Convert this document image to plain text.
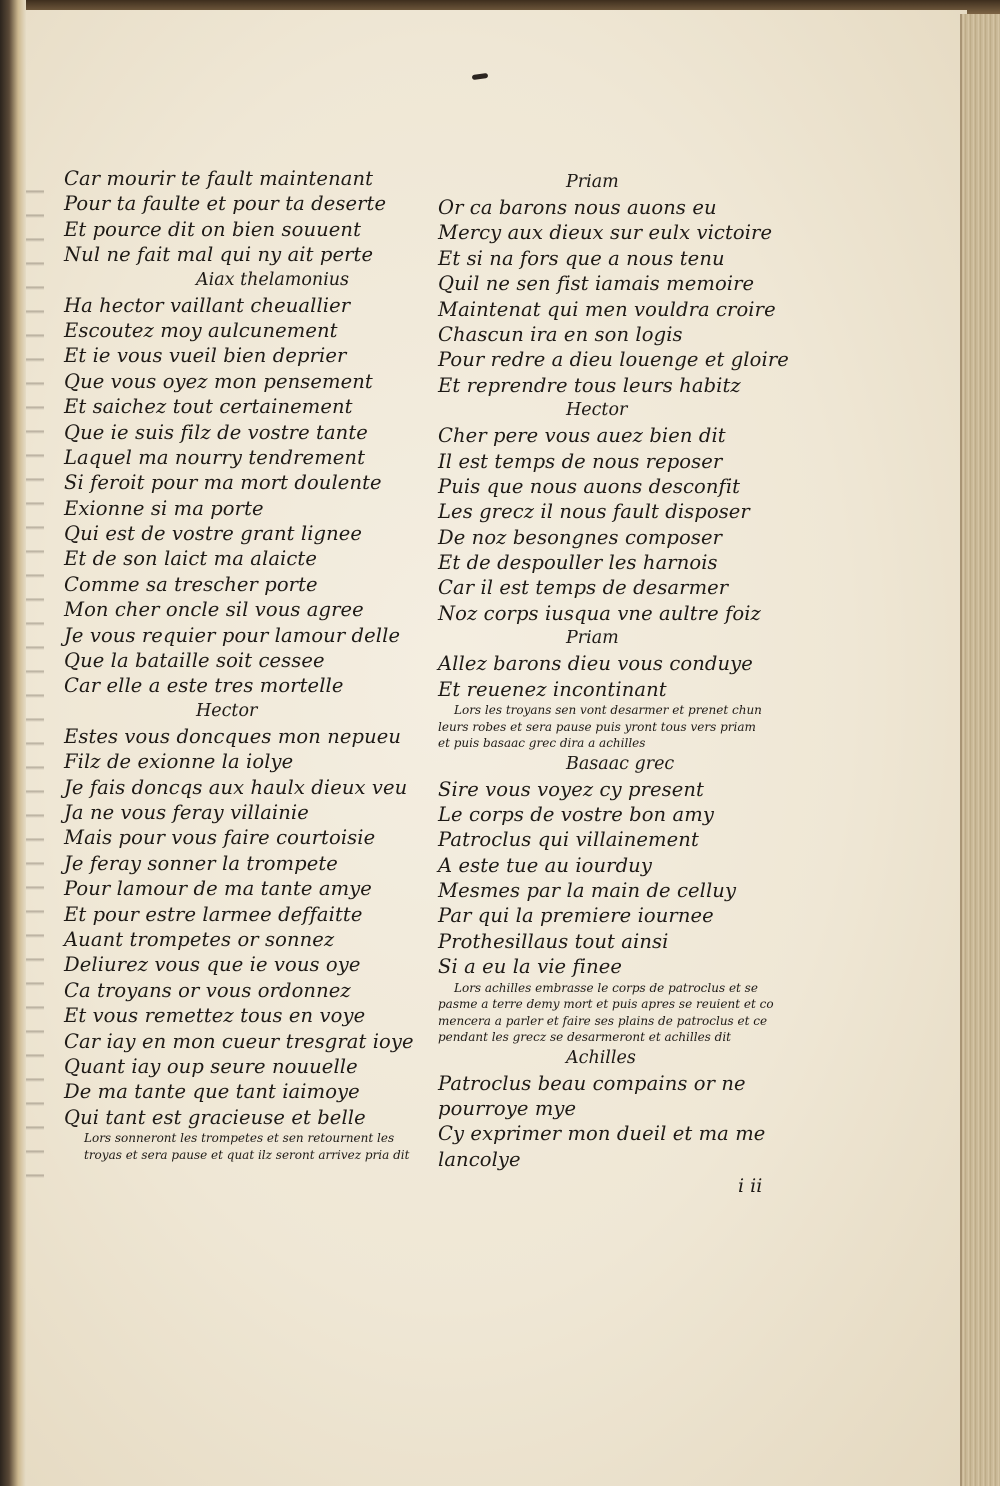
Car mourir te fault maintenant
Pour ta faulte et pour ta deserte
Et pource dit on bien souuent
Nul ne fait mal qui ny ait perte
Aiax thelamonius
Ha hector vaillant cheuallier
Escoutez moy aulcunement
Et ie vous vueil bien deprier
Que vous oyez mon pensement
Et saichez tout certainement
Que ie suis filz de vostre tante
Laquel ma nourry tendrement
Si feroit pour ma mort doulente
Exionne si ma porte
Qui est de vostre grant lignee
Et de son laict ma alaicte
Comme sa trescher porte
Mon cher oncle sil vous agree
Je vous requier pour lamour delle
Que la bataille soit cessee
Car elle a este tres mortelle
Hector
Estes vous doncques mon nepueu
Filz de exionne la iolye
Je fais doncqs aux haulx dieux veu
Ja ne vous feray villainie
Mais pour vous faire courtoisie
Je feray sonner la trompete
Pour lamour de ma tante amye
Et pour estre larmee deffaitte
Auant trompetes or sonnez
Deliurez vous que ie vous oye
Ca troyans or vous ordonnez
Et vous remettez tous en voye
Car iay en mon cueur tresgrat ioye
Quant iay oup seure nouuelle
De ma tante que tant iaimoye
Qui tant est gracieuse et belle
Lors sonneront les trompetes et sen retournent les
troyas et sera pause et quat ilz seront arrivez pria dit
Priam
Or ca barons nous auons eu
Mercy aux dieux sur eulx victoire
Et si na fors que a nous tenu
Quil ne sen fist iamais memoire
Maintenat qui men vouldra croire
Chascun ira en son logis
Pour redre a dieu louenge et gloire
Et reprendre tous leurs habitz
Hector
Cher pere vous auez bien dit
Il est temps de nous reposer
Puis que nous auons desconfit
Les grecz il nous fault disposer
De noz besongnes composer
Et de despouller les harnois
Car il est temps de desarmer
Noz corps iusqua vne aultre foiz
Priam
Allez barons dieu vous conduye
Et reuenez incontinant
Lors les troyans sen vont desarmer et prenet chun
leurs robes et sera pause puis yront tous vers priam
et puis basaac grec dira a achilles
Basaac grec
Sire vous voyez cy present
Le corps de vostre bon amy
Patroclus qui villainement
A este tue au iourduy
Mesmes par la main de celluy
Par qui la premiere iournee
Prothesillaus tout ainsi
Si a eu la vie finee
Lors achilles embrasse le corps de patroclus et se
pasme a terre demy mort et puis apres se reuient et co
mencera a parler et faire ses plains de patroclus et ce
pendant les grecz se desarmeront et achilles dit
Achilles
Patroclus beau compains or ne
pourroye mye
Cy exprimer mon dueil et ma me
lancolye
i ii
